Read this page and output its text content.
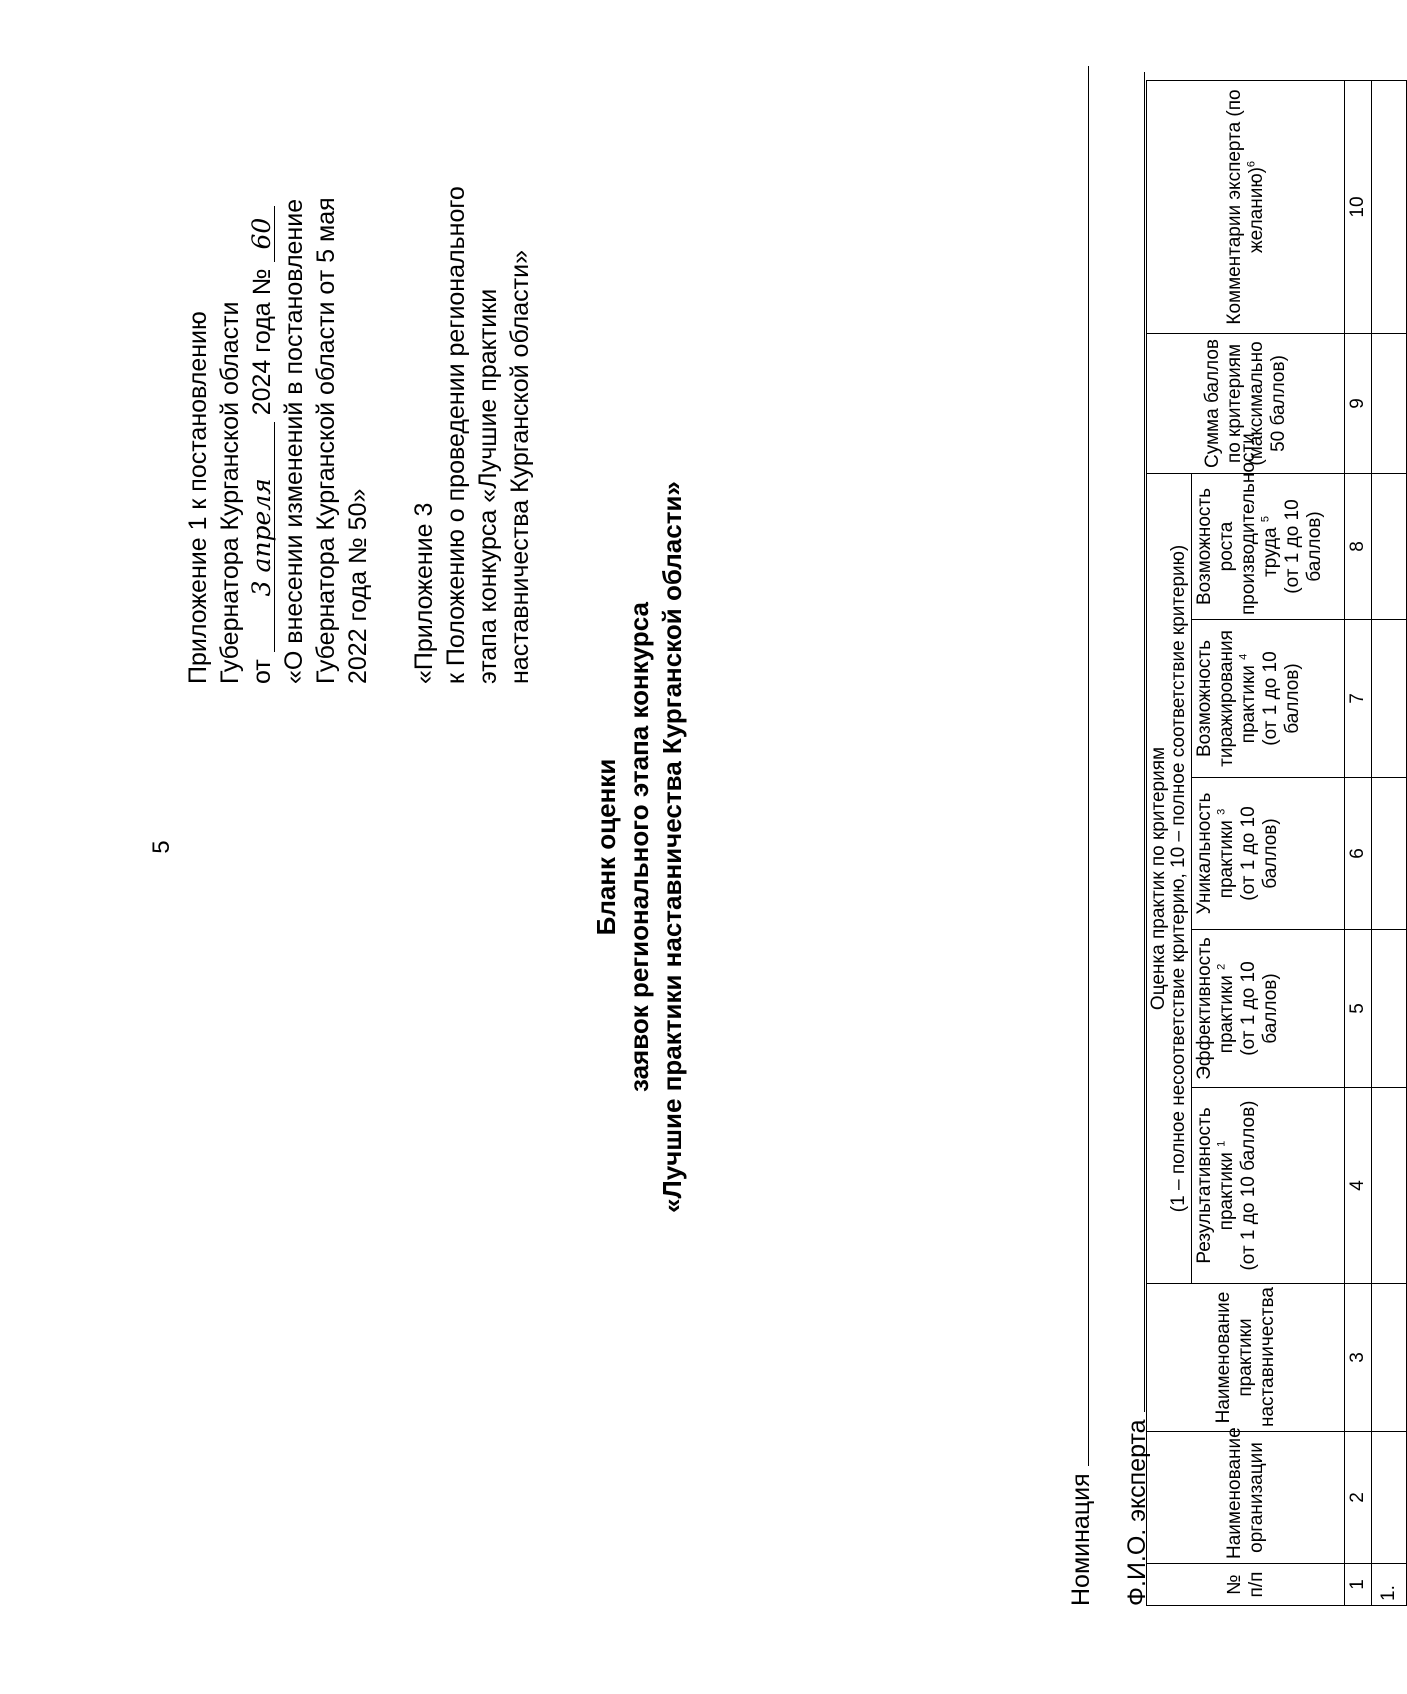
5
Приложение 1 к постановлению Губернатора Курганской области от 3 апреля 2024 года № 60 «О внесении изменений в постановление Губернатора Курганской области от 5 мая 2022 года № 50» «Приложение 3 к Положению о проведении регионального этапа конкурса «Лучшие практики наставничества Курганской области»
Бланк оценки заявок регионального этапа конкурса «Лучшие практики наставничества Курганской области»
Номинация Ф.И.О. эксперта	№ п/п	Наименование организации	Наименование практики наставничества	Оценка практик по критериям (1 – полное несоответствие критерию, 10 – полное соответствие критерию)					Сумма баллов по критериям (максимально 50 баллов)	Комментарии эксперта (по желанию)$^6$
			Результативность практики $^1$ (от 1 до 10 баллов)	Эффективность практики $^2$ (от 1 до 10 баллов)	Уникальность практики $^3$ (от 1 до 10 баллов)	Возможность тиражирования практики $^4$ (от 1 до 10 баллов)	Возможность роста производительности труда $^5$ (от 1 до 10 баллов)		
1	2	3	4	5	6	7	8	9	10
1.									
